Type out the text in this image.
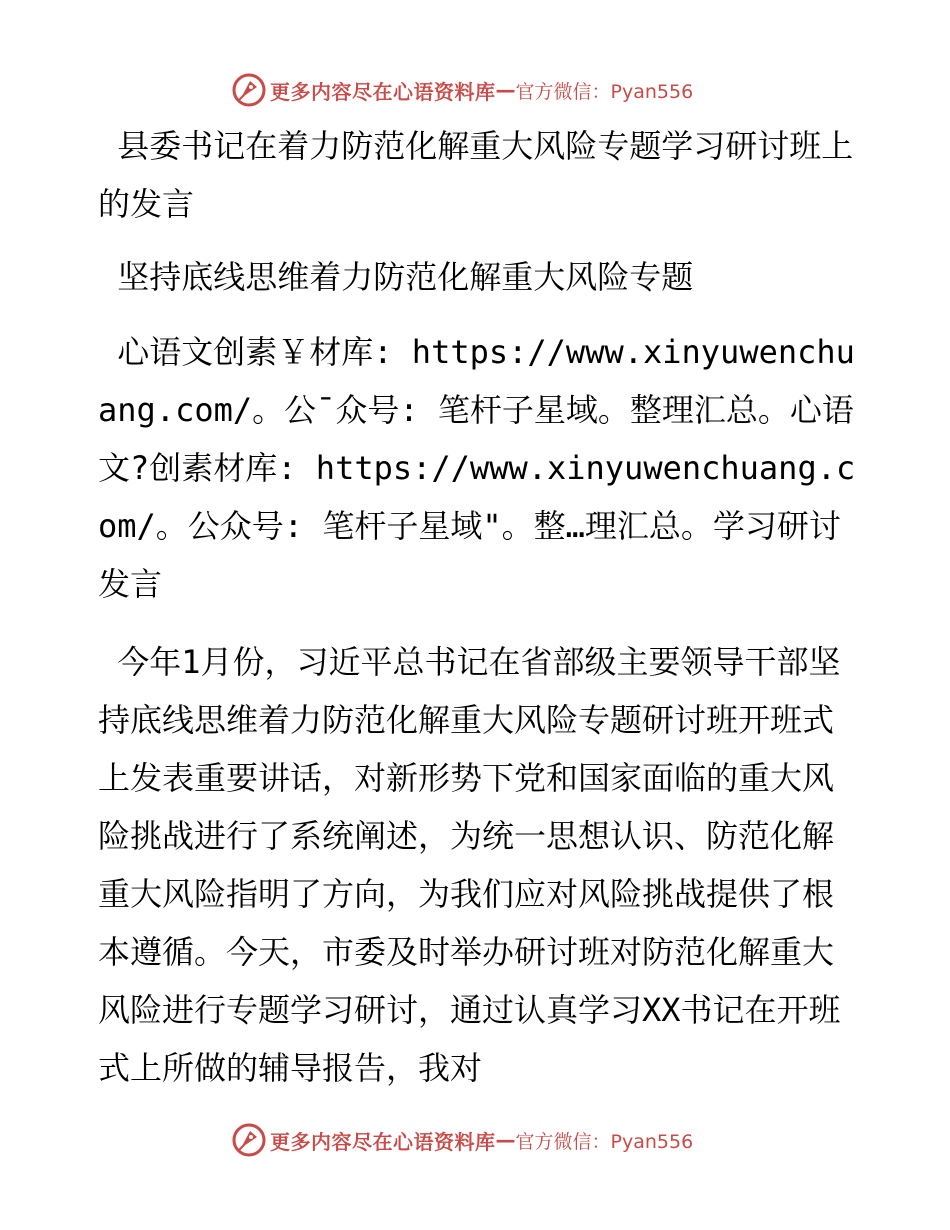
更多内容尽在心语资料库 — 官方微信：Pyan556

县委书记在着力防范化解重大风险专题学习研讨班上的发言

坚持底线思维着力防范化解重大风险专题

心语文创素￥材库: https://www.xinyuwenchuang.com/。公¯众号: 笔杆子星域。整理汇总。心语文?创素材库: https://www.xinyuwenchuang.com/。公众号: 笔杆子星域"。整…理汇总。学习研讨发言

今年1月份，习近平总书记在省部级主要领导干部坚持底线思维着力防范化解重大风险专题研讨班开班式上发表重要讲话，对新形势下党和国家面临的重大风险挑战进行了系统阐述，为统一思想认识、防范化解重大风险指明了方向，为我们应对风险挑战提供了根本遵循。今天，市委及时举办研讨班对防范化解重大风险进行专题学习研讨，通过认真学习XX书记在开班式上所做的辅导报告，我对

更多内容尽在心语资料库 — 官方微信：Pyan556
